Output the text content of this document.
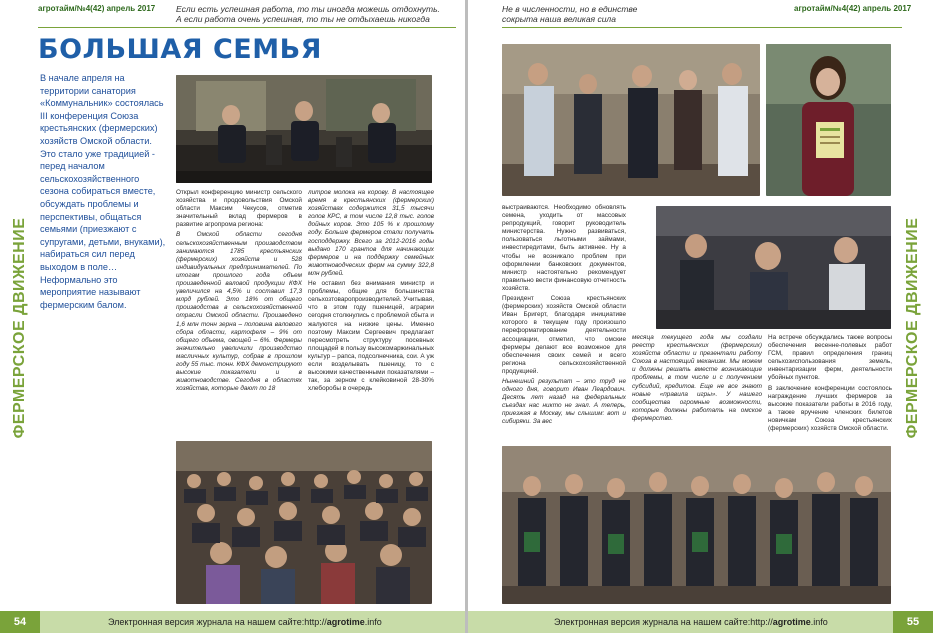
агротайм/№4(42) апрель 2017 Если есть успешная работа, то ты иногда можешь отдохнуть.
А если работа очень успешная, то ты не отдыхаешь никогда
БОЛЬШАЯ СЕМЬЯ
В начале апреля на территории санатория «Коммунальник» состоялась III конференция Союза крестьянских (фермерских) хозяйств Омской области. Это стало уже традицией - перед началом сельскохозяйственного сезона собираться вместе, обсуждать проблемы и перспективы, общаться семьями (приезжают с супругами, детьми, внуками), набираться сил перед выходом в поле… Неформально это мероприятие называют фермерским балом.

Открыл конференцию министр сельского хозяйства и продовольствия Омской области Максим Чекусов, отметив значительный вклад фермеров в развитие агропрома региона:

В Омской области сегодня сельскохозяйственным производством занимаются 1785 крестьянских (фермерских) хозяйств и 528 индивидуальных предпринимателей. По итогам прошлого года объем произведенной валовой продукции КФХ увеличился на 4,5% и составил 17,3 млрд рублей. Это 18% от общего производства в сельскохозяйственной отрасли Омской области. Произведено 1,6 млн тонн зерна – половина валового сбора области, картофеля – 9% от общего объема, овощей – 6%. Фермеры значительно увеличили производство масличных культур, собрав в прошлом году 55 тыс. тонн. КФХ демонстрируют высокие показатели и в животноводстве. Сегодня в областях хозяйства, которые дают по 18

литров молока на корову. В настоящее время в крестьянских (фермерских) хозяйствах содержится 31,5 тысячи голов КРС, в том числе 12,8 тыс. голов дойных коров. Это 105 % к прошлому году. Больше фермеров стали получать господдержку. Всего за 2012-2016 годы выдано 170 грантов для начинающих фермеров и на поддержку семейных животноводческих ферм на сумму 322,8 млн рублей.

Не оставил без внимания министр и проблемы, общие для большинства сельхозтоваропроизводителей. Учитывая, что в этом году пшеницей, аграрии сегодня столкнулись с проблемой сбыта и жалуются на низкие цены. Именно поэтому Максим Сергеевич предлагает пересмотреть структуру посевных площадей в пользу высокомаржинальных культур – рапса, подсолнечника, сои. А уж если возделывать пшеницу, то с высокими качественными показателями – так, за зерном с клейковиной 28-30% хлеборобы в очередь

ФЕРМЕРСКОЕ ДВИЖЕНИЕ
Электронная версия журнала на нашем сайте:http://agrotime.info
54
Не в численности, но в единстве
сокрыта наша великая сила
агротайм/№4(42) апрель 2017

выстраиваются. Необходимо обновлять семена, уходить от массовых репродукций, говорит руководитель министерства. Нужно развиваться, пользоваться льготными займами, инвестиредитами, быть активнее. Ну а чтобы не возникало проблем при оформлении банковских документов, министр настоятельно рекомендует правильно вести финансовую отчетность хозяйств.

Президент Союза крестьянских (фермерских) хозяйств Омской области Иван Бригерт, благодаря инициативе которого в текущем году произошло переформатирование деятельности ассоциации, отметил, что омские фермеры делают все возможное для обеспечения своих семей и всего региона сельскохозяйственной продукцией.

Нынешний результат – это труд не одного дня, говорит Иван Леардович. Десять лет назад на федеральных съездах нас никто не знал. А теперь, приезжая в Москву, мы слышим: вот и сибиряки. За вес

месяца текущего года мы создали реестр крестьянских (фермерских) хозяйств области и презентали работу Союза в настоящий механизм. Мы можем и должны решать вместе возникающие проблемы, в том числе и с получением субсидий, кредитов. Еще не все знают новые «правила игры». У нашего сообщества огромные возможности, которые должны работать на омское фермерство.

На встрече обсуждались также вопросы обеспечения весенне-полевых работ ГСМ, правил определения границ сельхозиспользования земель, инвентаризации ферм, деятельности убойных пунктов.

В заключение конференции состоялось награждение лучших фермеров за высокие показатели работы в 2016 году, а также вручение членских билетов новичкам Союза крестьянских (фермерских) хозяйств Омской области. ФЕРМЕРСКОЕ ДВИЖЕНИЕ
Электронная версия журнала на нашем сайте:http://agrotime.info	55
